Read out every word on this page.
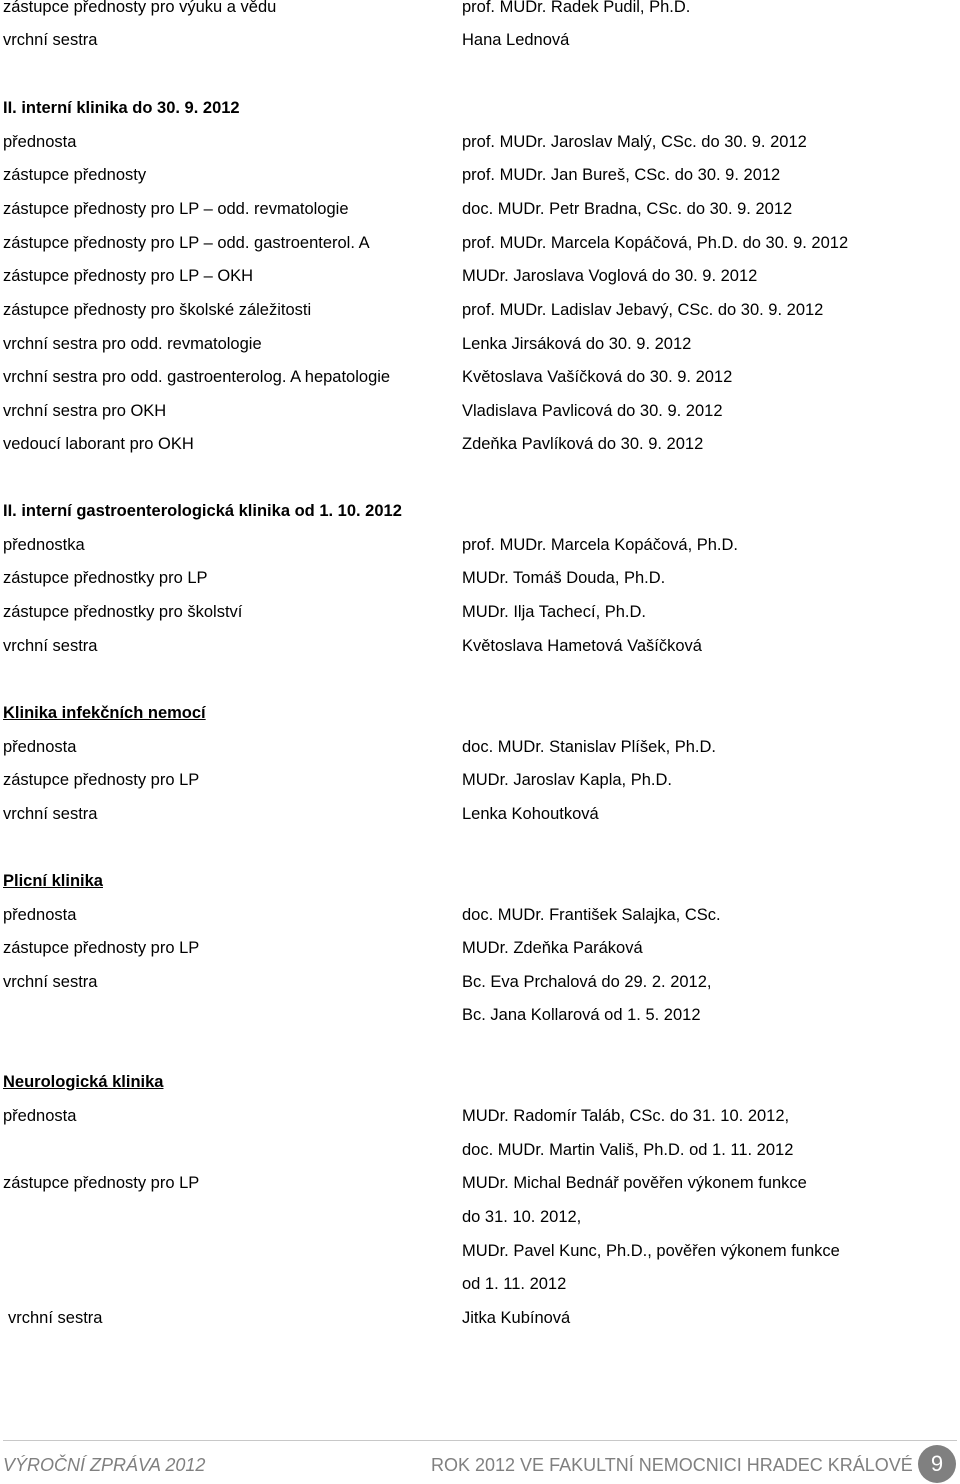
zástupce přednosty pro výuku a vědu	prof. MUDr. Radek Pudil, Ph.D.
vrchní sestra	Hana Lednová
II. interní klinika do 30. 9. 2012
přednosta	prof. MUDr. Jaroslav Malý, CSc. do 30. 9. 2012
zástupce přednosty	prof. MUDr. Jan Bureš, CSc. do 30. 9. 2012
zástupce přednosty pro LP – odd. revmatologie	doc. MUDr. Petr Bradna, CSc. do 30. 9. 2012
zástupce přednosty pro LP – odd. gastroenterol. A	prof. MUDr. Marcela Kopáčová, Ph.D. do 30. 9. 2012
zástupce přednosty pro LP – OKH	MUDr. Jaroslava Voglová do 30. 9. 2012
zástupce přednosty pro školské záležitosti	prof. MUDr. Ladislav Jebavý, CSc. do 30. 9. 2012
vrchní sestra pro odd. revmatologie	Lenka Jirsáková do 30. 9. 2012
vrchní sestra pro odd. gastroenterolog. A hepatologie	Květoslava Vašíčková do 30. 9. 2012
vrchní sestra pro OKH	Vladislava Pavlicová do 30. 9. 2012
vedoucí laborant pro OKH	Zdeňka Pavlíková do 30. 9. 2012
II. interní gastroenterologická klinika od 1. 10. 2012
přednostka	prof. MUDr. Marcela Kopáčová, Ph.D.
zástupce přednostky pro LP	MUDr. Tomáš Douda, Ph.D.
zástupce přednostky pro školství	MUDr. Ilja Tachecí, Ph.D.
vrchní sestra	Květoslava Hametová Vašíčková
Klinika infekčních nemocí
přednosta	doc. MUDr. Stanislav Plíšek, Ph.D.
zástupce přednosty pro LP	MUDr. Jaroslav Kapla, Ph.D.
vrchní sestra	Lenka Kohoutková
Plicní klinika
přednosta	doc. MUDr. František Salajka, CSc.
zástupce přednosty pro LP	MUDr. Zdeňka Paráková
vrchní sestra	Bc. Eva Prchalová do 29. 2. 2012,
Bc. Jana Kollarová od 1. 5. 2012
Neurologická klinika
přednosta	MUDr. Radomír Taláb, CSc. do 31. 10. 2012,
doc. MUDr. Martin Vališ, Ph.D. od 1. 11. 2012
zástupce přednosty pro LP	MUDr. Michal Bednář pověřen výkonem funkce
do 31. 10. 2012,
MUDr. Pavel Kunc, Ph.D., pověřen výkonem funkce
od 1. 11. 2012
vrchní sestra	Jitka Kubínová
VÝROČNÍ ZPRÁVA 2012	ROK 2012 VE FAKULTNÍ NEMOCNICI HRADEC KRÁLOVÉ 9
